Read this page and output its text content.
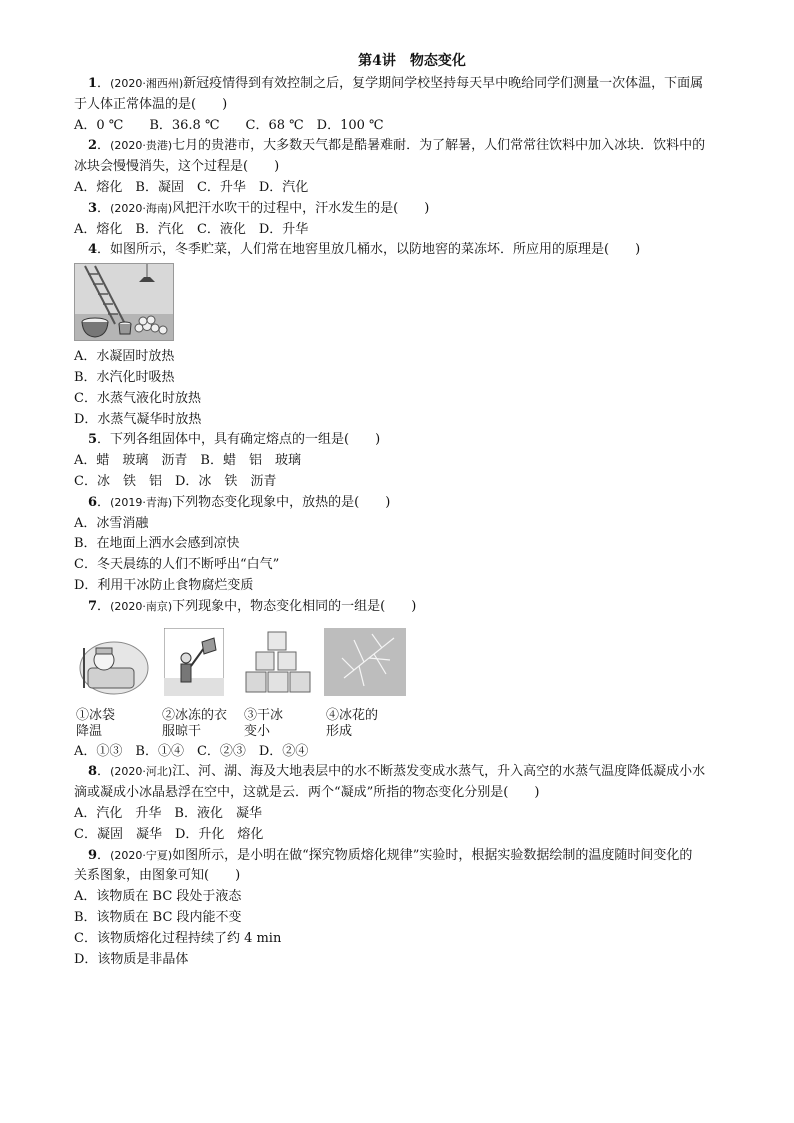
第4讲　物态变化

1．(2020·湘西州)新冠疫情得到有效控制之后，复学期间学校坚持每天早中晚给同学们测量一次体温，下面属

于人体正常体温的是(　　)

A．0 ℃　　B．36.8 ℃　　C．68 ℃　D．100 ℃

2．(2020·贵港)七月的贵港市，大多数天气都是酷暑难耐．为了解暑，人们常常往饮料中加入冰块．饮料中的

冰块会慢慢消失，这个过程是(　　)

A．熔化　B．凝固　C．升华　D．汽化

3．(2020·海南)风把汗水吹干的过程中，汗水发生的是(　　)

A．熔化　B．汽化　C．液化　D．升华

4．如图所示，冬季贮菜，人们常在地窖里放几桶水，以防地窖的菜冻坏．所应用的原理是(　　)

A．水凝固时放热

B．水汽化时吸热

C．水蒸气液化时放热

D．水蒸气凝华时放热

5．下列各组固体中，具有确定熔点的一组是(　　)

A．蜡　玻璃　沥青　B．蜡　铝　玻璃

C．冰　铁　铝　D．冰　铁　沥青

6．(2019·青海)下列物态变化现象中，放热的是(　　)

A．冰雪消融

B．在地面上洒水会感到凉快

C．冬天晨练的人们不断呼出“白气”

D．利用干冰防止食物腐烂变质

7．(2020·南京)下列现象中，物态变化相同的一组是(　　)

①冰袋
降温
②冰冻的衣
服晾干
③干冰
变小
④冰花的
形成

A．①③　B．①④　C．②③　D．②④

8．(2020·河北)江、河、湖、海及大地表层中的水不断蒸发变成水蒸气，升入高空的水蒸气温度降低凝成小水

滴或凝成小冰晶悬浮在空中，这就是云．两个“凝成”所指的物态变化分别是(　　)

A．汽化　升华　B．液化　凝华

C．凝固　凝华　D．升化　熔化

9．(2020·宁夏)如图所示，是小明在做“探究物质熔化规律”实验时，根据实验数据绘制的温度随时间变化的

关系图象，由图象可知(　　)

A．该物质在 BC 段处于液态

B．该物质在 BC 段内能不变

C．该物质熔化过程持续了约 4 min

D．该物质是非晶体
